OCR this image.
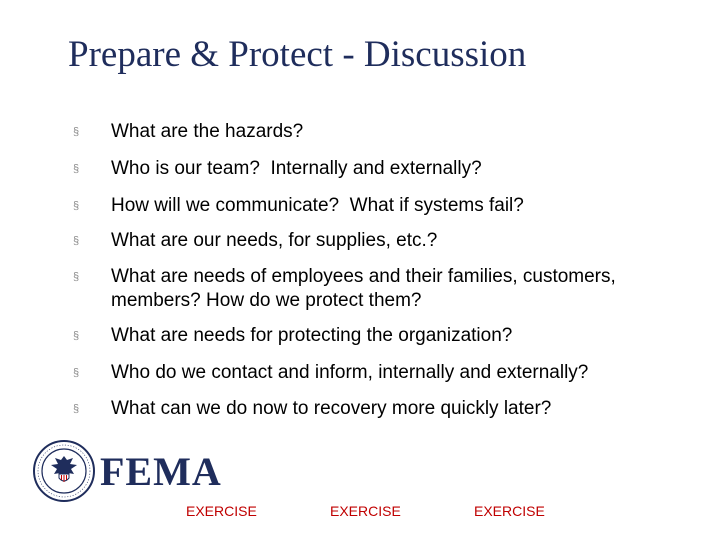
Prepare & Protect - Discussion
§ What are the hazards?
§ Who is our team?  Internally and externally?
§ How will we communicate?  What if systems fail?
§ What are our needs, for supplies, etc.?
§ What are needs of employees and their families, customers, members? How do we protect them?
§ What are needs for protecting the organization?
§ Who do we contact and inform, internally and externally?
§ What can we do now to recovery more quickly later?
FEMA
EXERCISE	EXERCISE	EXERCISE
